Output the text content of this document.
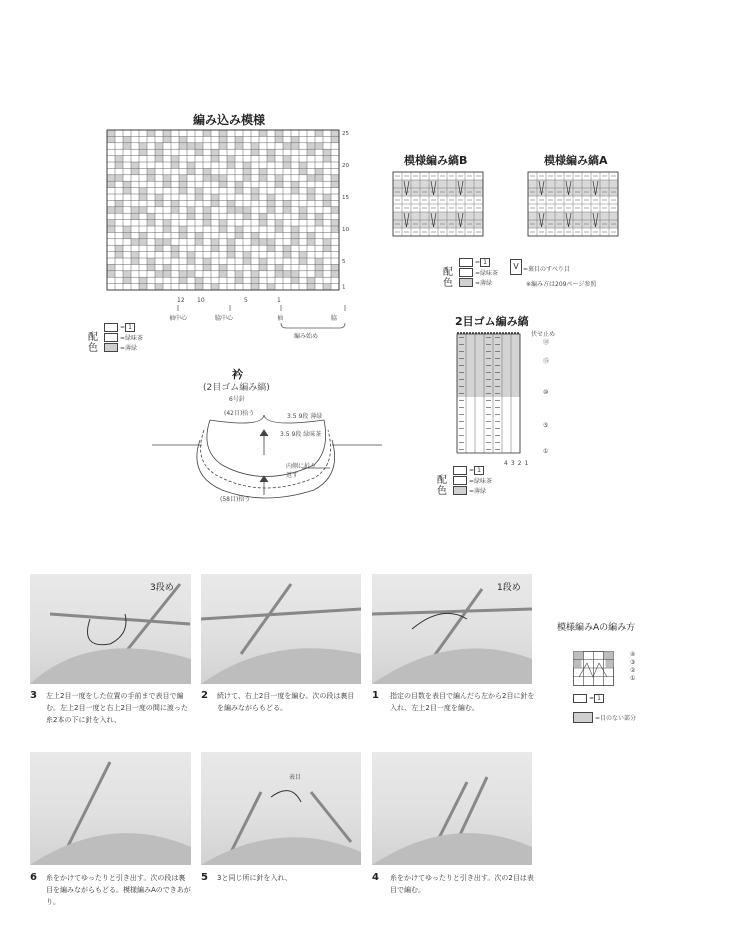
編み込み模様
25
20
15
10
5
1
12 10	5	1
袖中心	脇中心	袖	脇
編み始め
= 1
配色
=緑味茶
=薄緑
模様編み縞B	模様編み縞A
= 1
配色
=緑味茶
=薄緑
V =裏目のすべり目
※編み方は209ページ参照
2目ゴム編み縞
伏せ止め
⑱
⑮
⑩
⑤
①
4 3 2 1
= 1
配色
=緑味茶
=薄緑
衿
(2目ゴム編み縞)
6号針
(42目)拾う	3.5 9段 薄緑
3.5 9段 緑味茶
内側に折り返す
(58目)拾う
3段め	1段め
3 左上2目一度をした位置の手前まで表目で編む。左上2目一度と右上2目一度の間に渡った糸2本の下に針を入れ、
2 続けて、右上2目一度を編む。次の段は裏目を編みながらもどる。
1 指定の目数を表目で編んだら左から2目に針を入れ、左上2目一度を編む。
表目
6 糸をかけてゆったりと引き出す。次の段は裏目を編みながらもどる。模様編みAのできあがり。
5 3と同じ所に針を入れ、	4 糸をかけてゆったりと引き出す。次の2目は表目で編む。
模様編みAの編み方
④
③
②
①
= 1
=目のない部分
